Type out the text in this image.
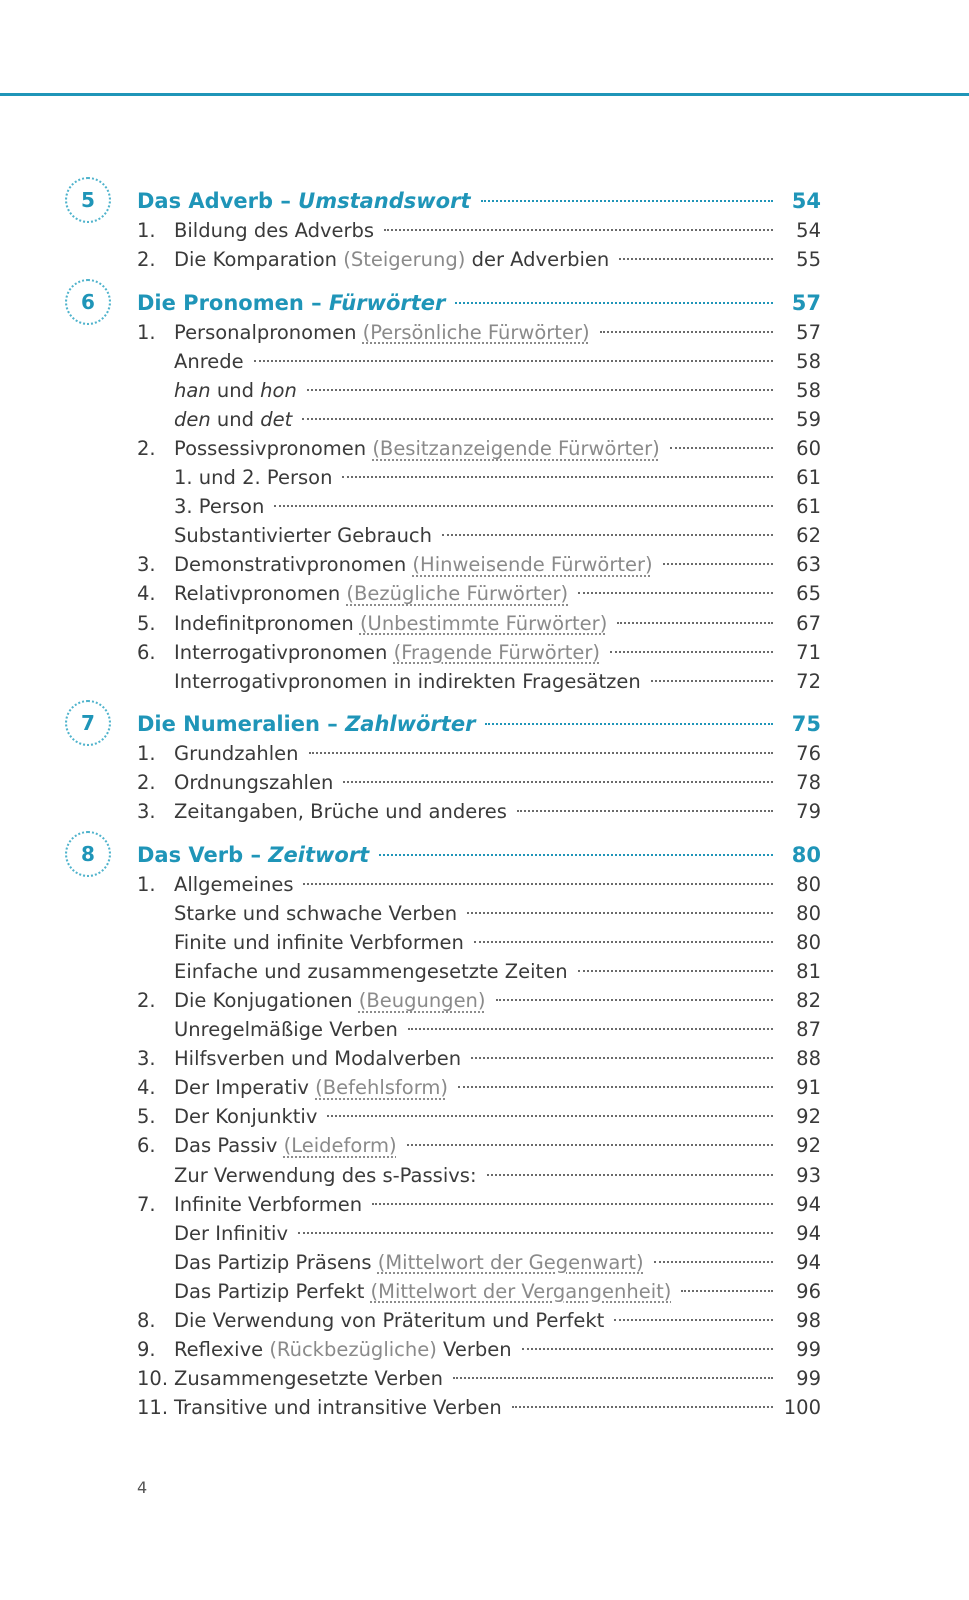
5	Das Adverb – Umstandswort	54
1. Bildung des Adverbs	54
2. Die Komparation (Steigerung) der Adverbien	55
6	Die Pronomen – Fürwörter	57
1. Personalpronomen (Persönliche Fürwörter)	57
Anrede	58
han und hon	58
den und det	59
2. Possessivpronomen (Besitzanzeigende Fürwörter)	60
1. und 2. Person	61
3. Person	61
Substantivierter Gebrauch	62
3. Demonstrativpronomen (Hinweisende Fürwörter)	63
4. Relativpronomen (Bezügliche Fürwörter)	65
5. Indefinitpronomen (Unbestimmte Fürwörter)	67
6. Interrogativpronomen (Fragende Fürwörter)	71
Interrogativpronomen in indirekten Fragesätzen	72
7	Die Numeralien – Zahlwörter	75
1. Grundzahlen	76
2. Ordnungszahlen	78
3. Zeitangaben, Brüche und anderes	79
8	Das Verb – Zeitwort	80
1. Allgemeines	80
Starke und schwache Verben	80
Finite und infinite Verbformen	80
Einfache und zusammengesetzte Zeiten	81
2. Die Konjugationen (Beugungen)	82
Unregelmäßige Verben	87
3. Hilfsverben und Modalverben	88
4. Der Imperativ (Befehlsform)	91
5. Der Konjunktiv	92
6. Das Passiv (Leideform)	92
Zur Verwendung des s-Passivs:	93
7. Infinite Verbformen	94
Der Infinitiv	94
Das Partizip Präsens (Mittelwort der Gegenwart)	94
Das Partizip Perfekt (Mittelwort der Vergangenheit)	96
8. Die Verwendung von Präteritum und Perfekt	98
9. Reflexive (Rückbezügliche) Verben	99
10. Zusammengesetzte Verben	99
11. Transitive und intransitive Verben	100
4
